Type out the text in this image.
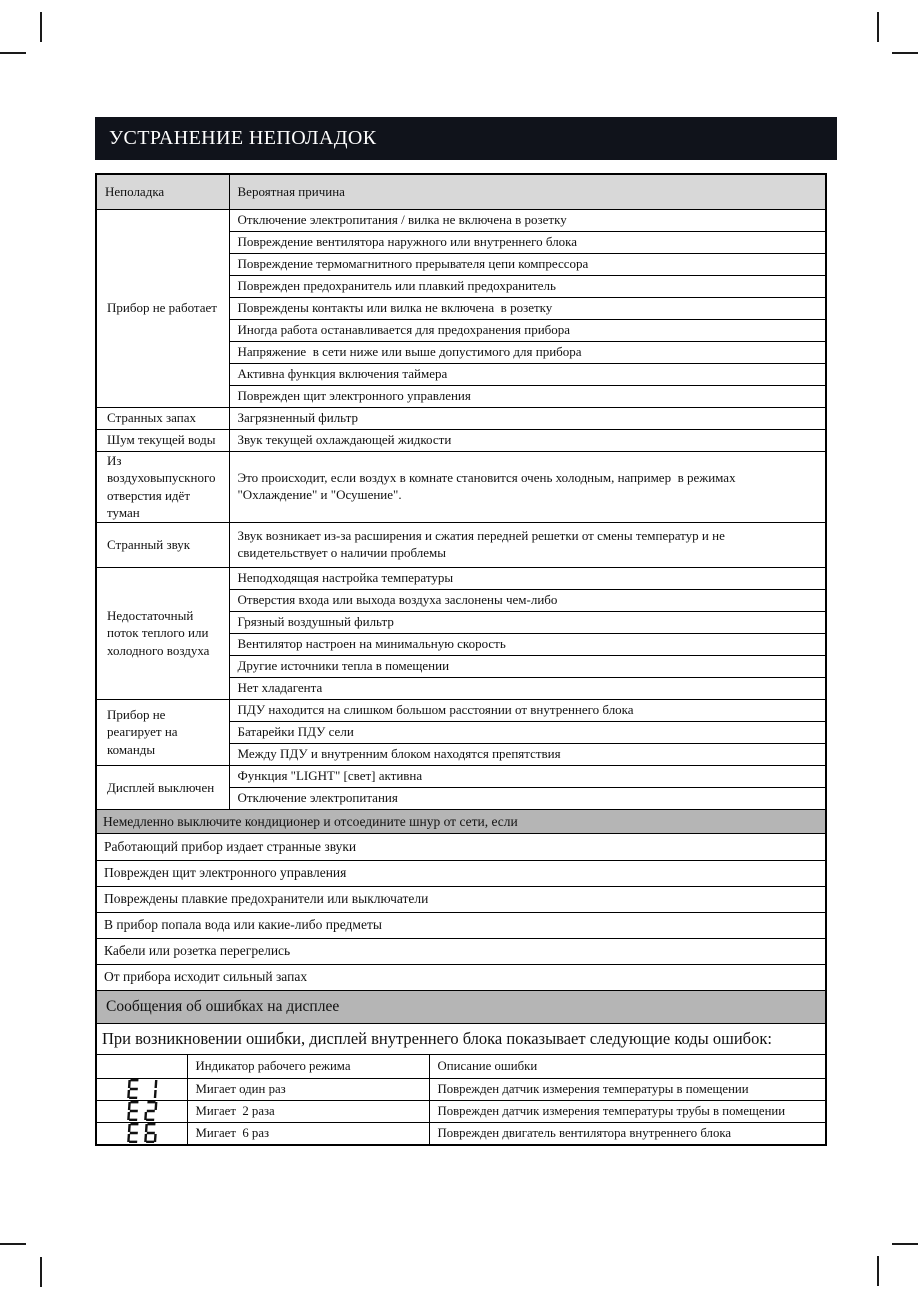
УСТРАНЕНИЕ НЕПОЛАДОК
Неполадка	Вероятная причина
Прибор не работает	Отключение электропитания / вилка не включена в розетку
	Повреждение вентилятора наружного или внутреннего блока
	Повреждение термомагнитного прерывателя цепи компрессора
	Поврежден предохранитель или плавкий предохранитель
	Повреждены контакты или вилка не включена  в розетку
	Иногда работа останавливается для предохранения прибора
	Напряжение  в сети ниже или выше допустимого для прибора
	Активна функция включения таймера
	Поврежден щит электронного управления
Странных запах	Загрязненный фильтр
Шум текущей воды	Звук текущей охлаждающей жидкости
Из воздуховыпускного отверстия идёт туман	Это происходит, если воздух в комнате становится очень холодным, например  в режимах "Охлаждение" и "Осушение".
Странный звук	Звук возникает из-за расширения и сжатия передней решетки от смены температур и не свидетельствует о наличии проблемы
Недостаточный поток теплого или холодного воздуха	Неподходящая настройка температуры
	Отверстия входа или выхода воздуха заслонены чем-либо
	Грязный воздушный фильтр
	Вентилятор настроен на минимальную скорость
	Другие источники тепла в помещении
	Нет хладагента
Прибор не реагирует на команды	ПДУ находится на слишком большом расстоянии от внутреннего блока
	Батарейки ПДУ сели
	Между ПДУ и внутренним блоком находятся препятствия
Дисплей выключен	Функция "LIGHT" [свет] активна
	Отключение электропитания
Немедленно выключите кондиционер и отсоедините шнур от сети, если
Работающий прибор издает странные звуки
Поврежден щит электронного управления
Повреждены плавкие предохранители или выключатели
В прибор попала вода или какие-либо предметы
Кабели или розетка перегрелись
От прибора исходит сильный запах
Сообщения об ошибках на дисплее
При возникновении ошибки, дисплей внутреннего блока показывает следующие коды ошибок:
	Индикатор рабочего режима	Описание ошибки
	Мигает один раз	Поврежден датчик измерения температуры в помещении
	Мигает  2 раза	Поврежден датчик измерения температуры трубы в помещении
	Мигает  6 раз	Поврежден двигатель вентилятора внутреннего блока
